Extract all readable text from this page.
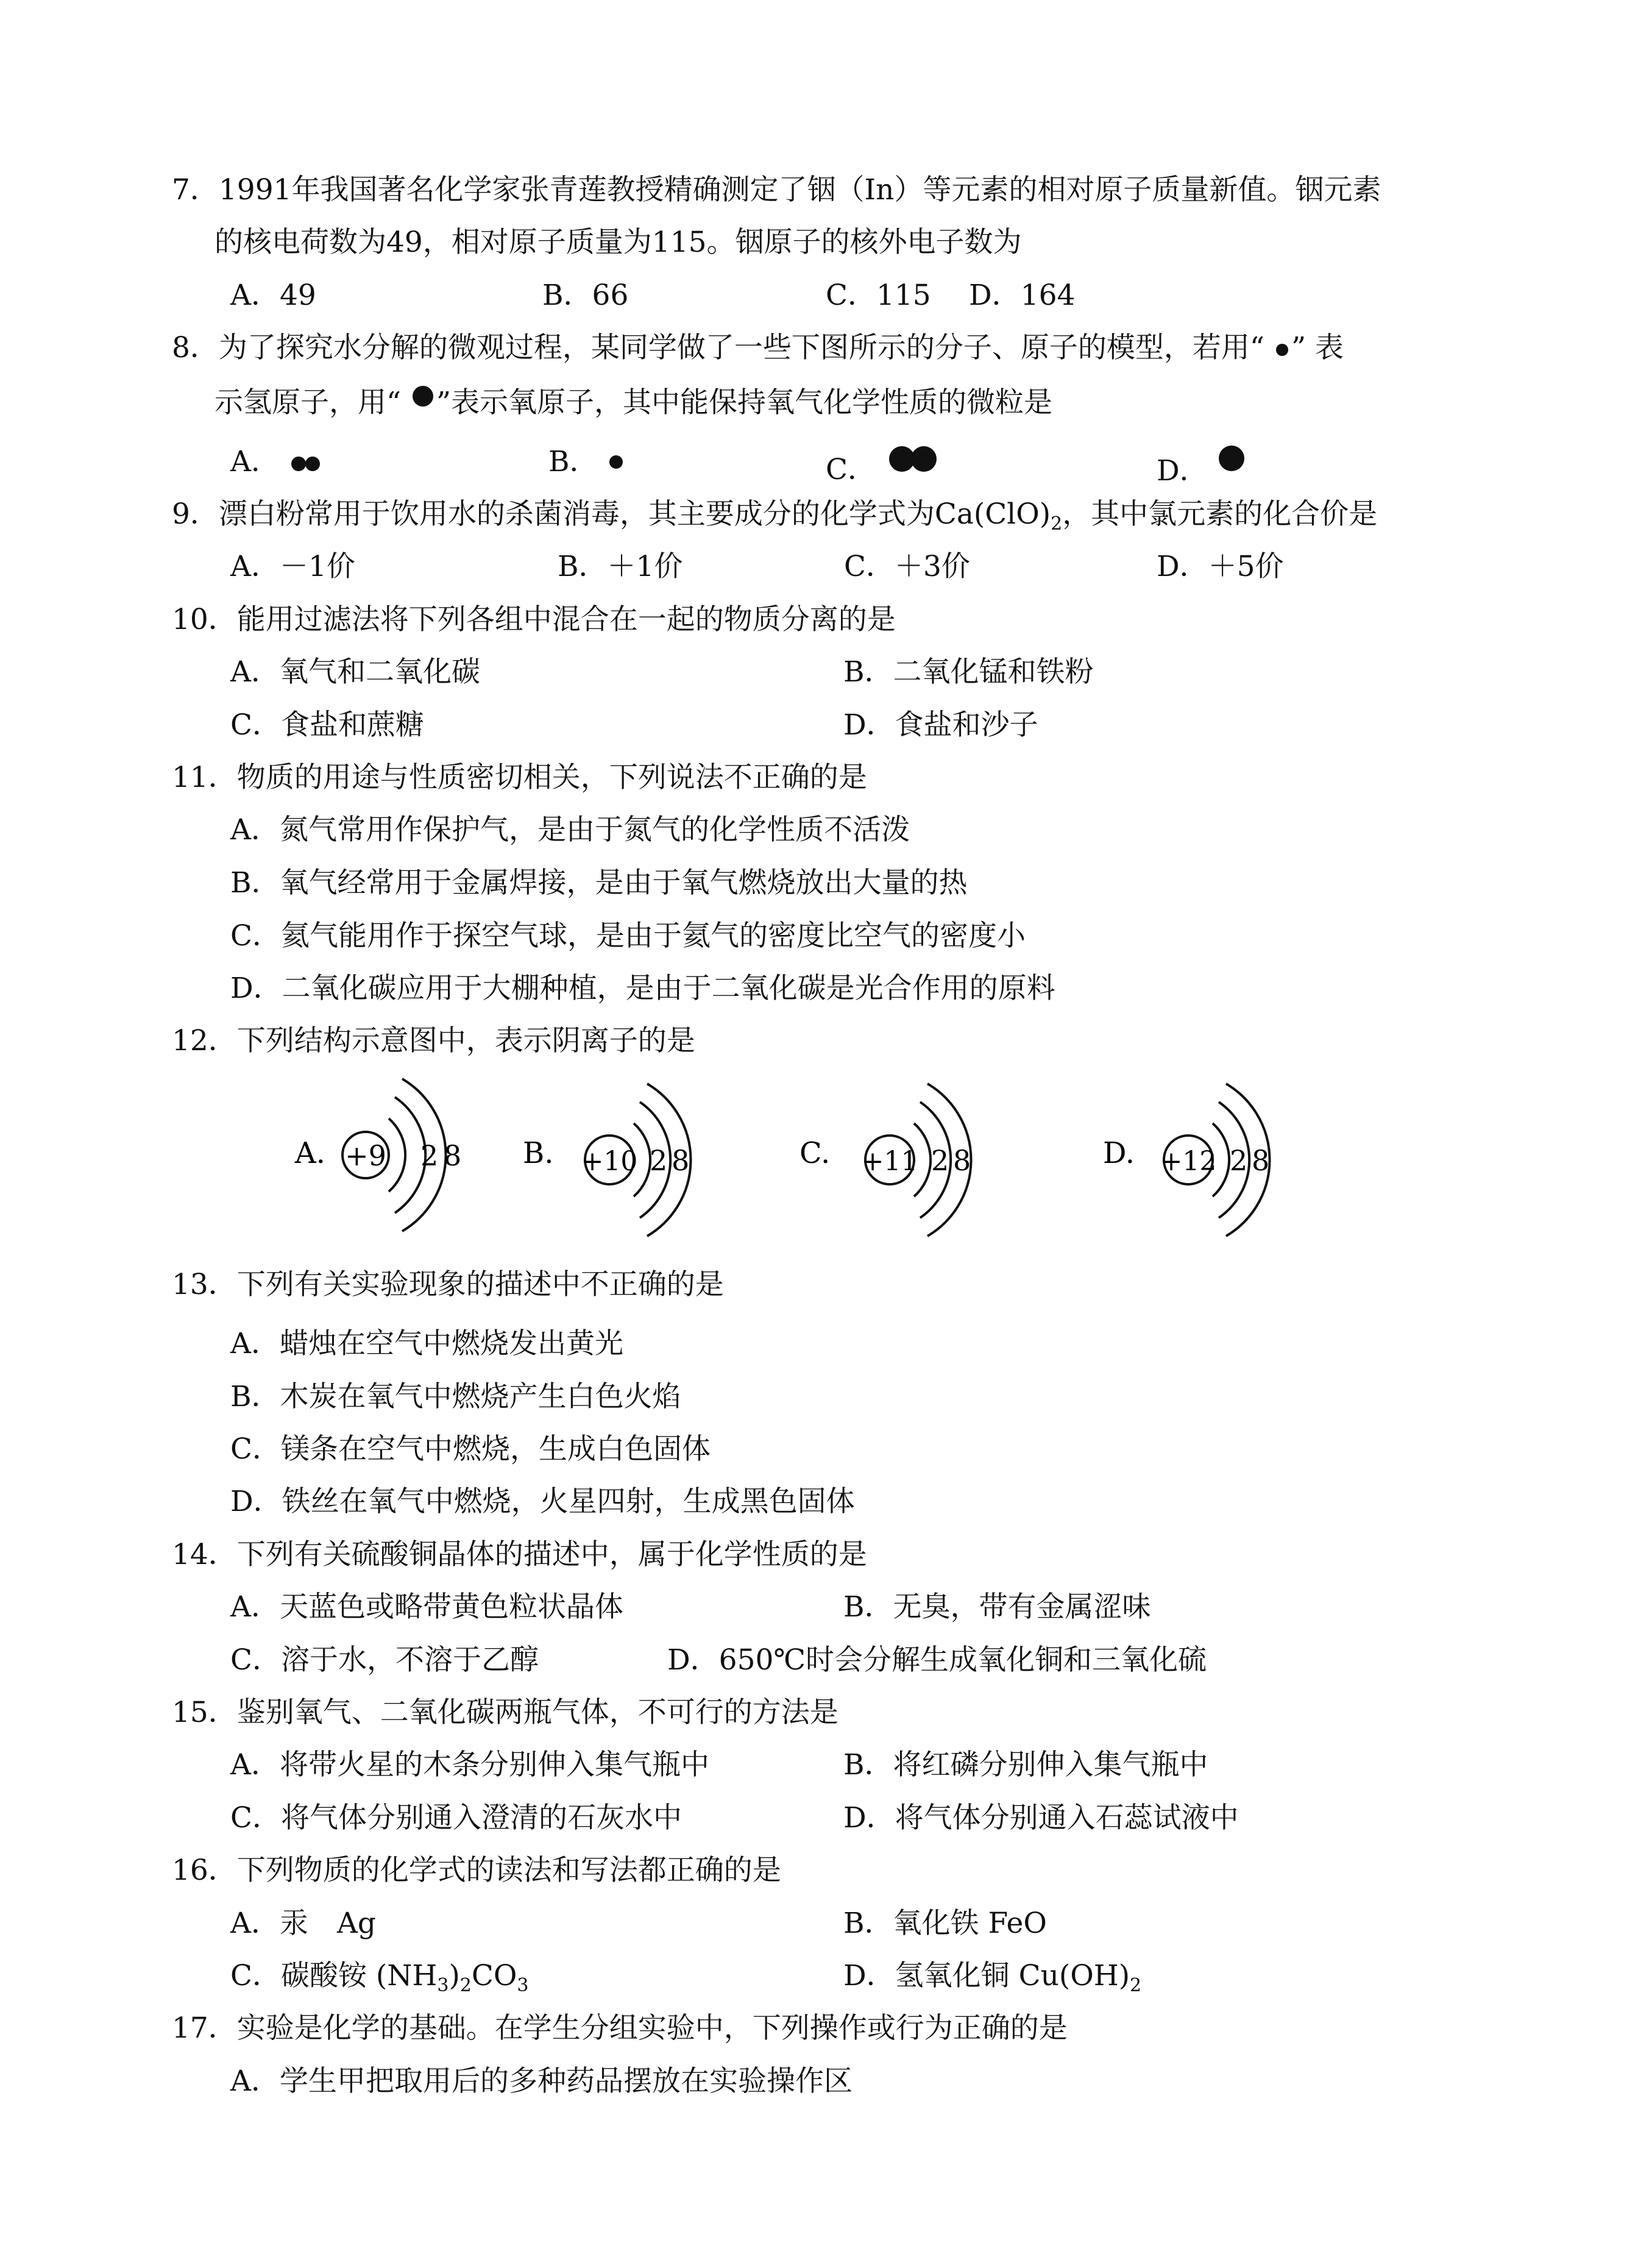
7．1991年我国著名化学家张青莲教授精确测定了铟（In）等元素的相对原子质量新值。铟元素
的核电荷数为49，相对原子质量为115。铟原子的核外电子数为
A．49	B．66	C．115 D．164
8．为了探究水分解的微观过程，某同学做了一些下图所示的分子、原子的模型，若用“ ” 表
示氢原子，用“ ”表示氧原子，其中能保持氧气化学性质的微粒是
A．	B．	C．	D．
9．漂白粉常用于饮用水的杀菌消毒，其主要成分的化学式为$Ca(ClO)_2$，其中氯元素的化合价是
A．－1价	B．＋1价	C．＋3价	D．＋5价
10．能用过滤法将下列各组中混合在一起的物质分离的是
A．氧气和二氧化碳	B．二氧化锰和铁粉
C．食盐和蔗糖	D．食盐和沙子
11．物质的用途与性质密切相关，下列说法不正确的是
A．氮气常用作保护气，是由于氮气的化学性质不活泼
B．氧气经常用于金属焊接，是由于氧气燃烧放出大量的热
C．氦气能用作于探空气球，是由于氦气的密度比空气的密度小
D．二氧化碳应用于大棚种植，是由于二氧化碳是光合作用的原料
12．下列结构示意图中，表示阴离子的是
A. +9 2 8 B. +10 2 8	C. +11 2 8	D. +12 2 8
13．下列有关实验现象的描述中不正确的是
A．蜡烛在空气中燃烧发出黄光
B．木炭在氧气中燃烧产生白色火焰
C．镁条在空气中燃烧，生成白色固体
D．铁丝在氧气中燃烧，火星四射，生成黑色固体
14．下列有关硫酸铜晶体的描述中，属于化学性质的是
A．天蓝色或略带黄色粒状晶体	B．无臭，带有金属涩味
C．溶于水，不溶于乙醇	D．650℃时会分解生成氧化铜和三氧化硫
15．鉴别氧气、二氧化碳两瓶气体，不可行的方法是
A．将带火星的木条分别伸入集气瓶中	B．将红磷分别伸入集气瓶中
C．将气体分别通入澄清的石灰水中	D．将气体分别通入石蕊试液中
16．下列物质的化学式的读法和写法都正确的是
A．汞　Ag	B．氧化铁 FeO
C．碳酸铵 $(NH_3)_2CO_3$	D．氢氧化铜 $Cu(OH)_2$
17．实验是化学的基础。在学生分组实验中，下列操作或行为正确的是
A．学生甲把取用后的多种药品摆放在实验操作区
